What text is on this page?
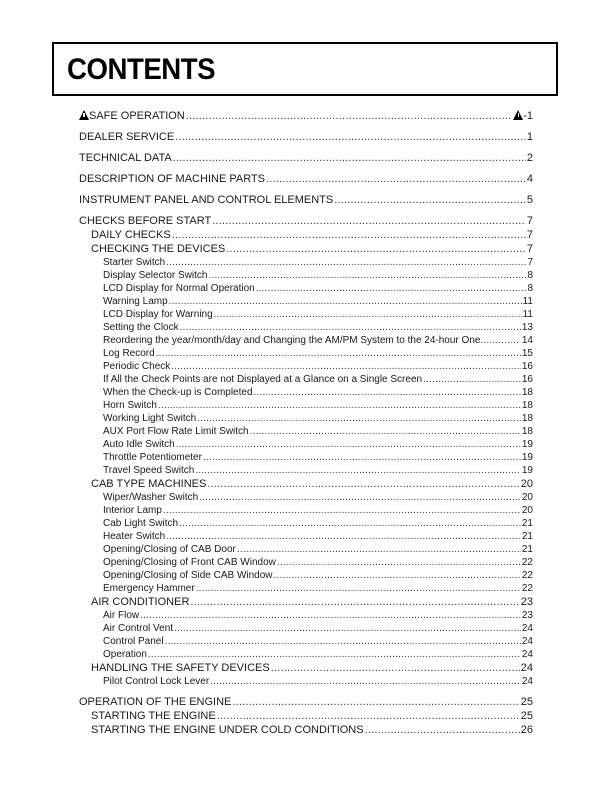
CONTENTS
SAFE OPERATION .....	-1
DEALER SERVICE .....	1
TECHNICAL DATA .....	2
DESCRIPTION OF MACHINE PARTS .....	4
INSTRUMENT PANEL AND CONTROL ELEMENTS .....	5
CHECKS BEFORE START .....	7
DAILY CHECKS .....	7
CHECKING THE DEVICES .....	7
Starter Switch .....	7
Display Selector Switch .....	8
LCD Display for Normal Operation .....	8
Warning Lamp .....	11
LCD Display for Warning .....	11
Setting the Clock .....	13
Reordering the year/month/day and Changing the AM/PM System to the 24-hour One .....	14
Log Record .....	15
Periodic Check .....	16
If All the Check Points are not Displayed at a Glance on a Single Screen .....	16
When the Check-up is Completed .....	18
Horn Switch .....	18
Working Light Switch .....	18
AUX Port Flow Rate Limit Switch .....	18
Auto Idle Switch .....	19
Throttle Potentiometer .....	19
Travel Speed Switch .....	19
CAB TYPE MACHINES .....	20
Wiper/Washer Switch .....	20
Interior Lamp .....	20
Cab Light Switch .....	21
Heater Switch .....	21
Opening/Closing of CAB Door .....	21
Opening/Closing of Front CAB Window .....	22
Opening/Closing of Side CAB Window .....	22
Emergency Hammer .....	22
AIR CONDITIONER .....	23
Air Flow .....	23
Air Control Vent .....	24
Control Panel .....	24
Operation .....	24
HANDLING THE SAFETY DEVICES .....	24
Pilot Control Lock Lever .....	24
OPERATION OF THE ENGINE .....	25
STARTING THE ENGINE .....	25
STARTING THE ENGINE UNDER COLD CONDITIONS .....	26
